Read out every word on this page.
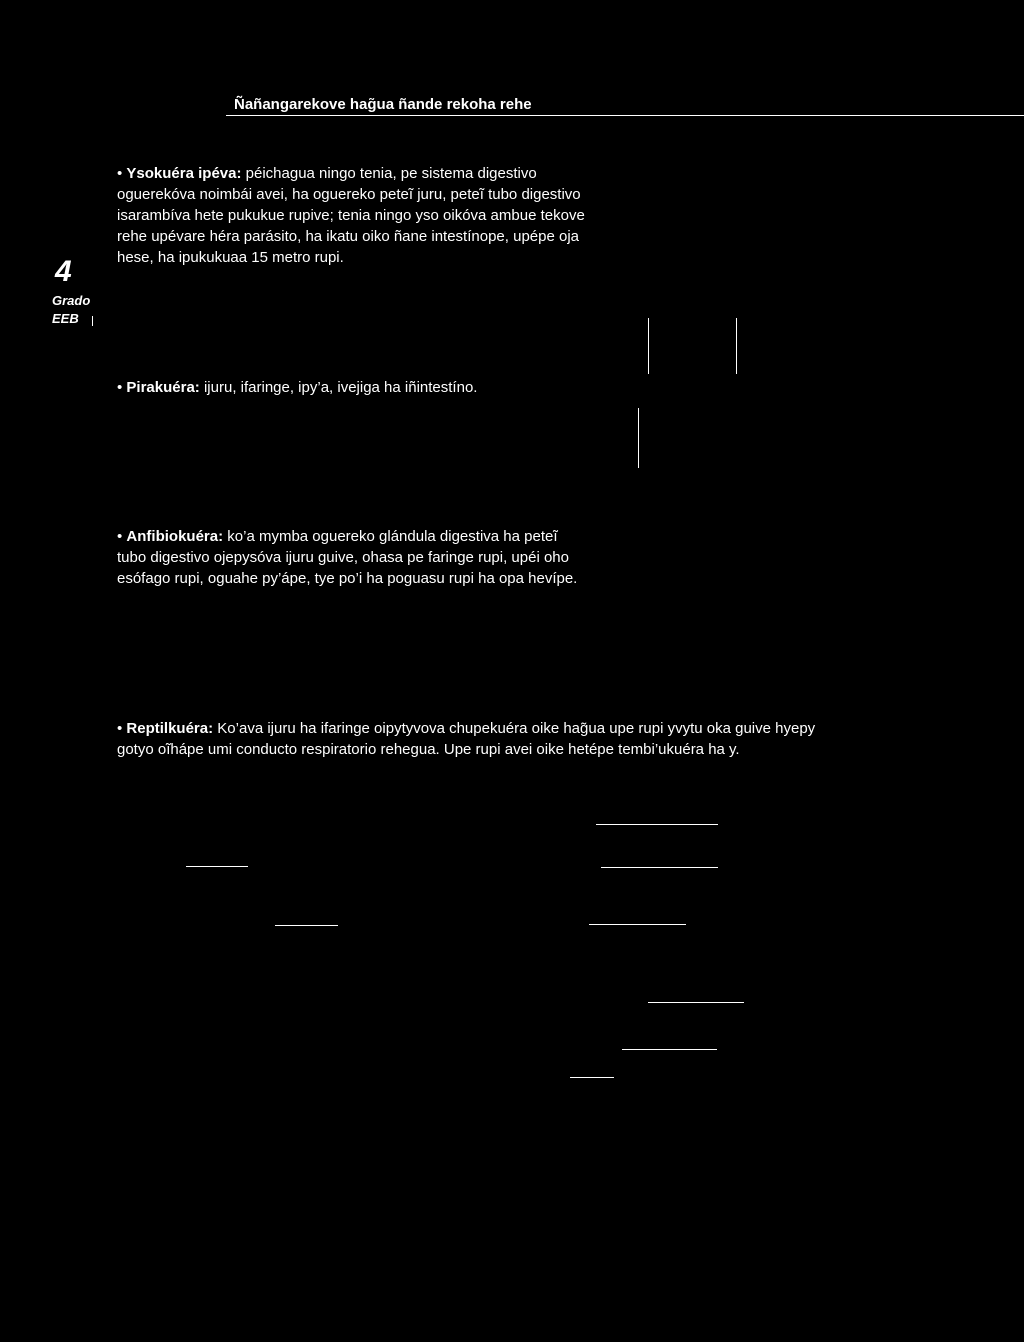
Ñañangarekove hag̃ua ñande rekoha rehe
4
Grado
EEB
• Ysokuéra ipéva: péichagua ningo tenia, pe sistema digestivo oguerekóva noimbái avei, ha oguereko peteĩ juru, peteĩ tubo digestivo isarambíva hete pukukue rupive; tenia ningo yso oikóva ambue tekove rehe upévare héra parásito, ha ikatu oiko ñane intestínope, upépe oja hese, ha ipukukuaa 15 metro rupi.
• Pirakuéra: ijuru, ifaringe, ipy’a, ivejiga ha iñintestíno.
• Anfibiokuéra: ko’a mymba oguereko glándula digestiva ha peteĩ tubo digestivo ojepysóva ijuru guive, ohasa pe faringe rupi, upéi oho esófago rupi, oguahe py’ápe, tye po’i ha poguasu rupi ha opa hevípe.
• Reptilkuéra: Ko’ava ijuru ha ifaringe oipytyvova chupekuéra oike hag̃ua upe rupi yvytu oka guive hyepy gotyo oĩhápe umi conducto respiratorio rehegua. Upe rupi avei oike hetépe tembi’ukuéra ha y.
